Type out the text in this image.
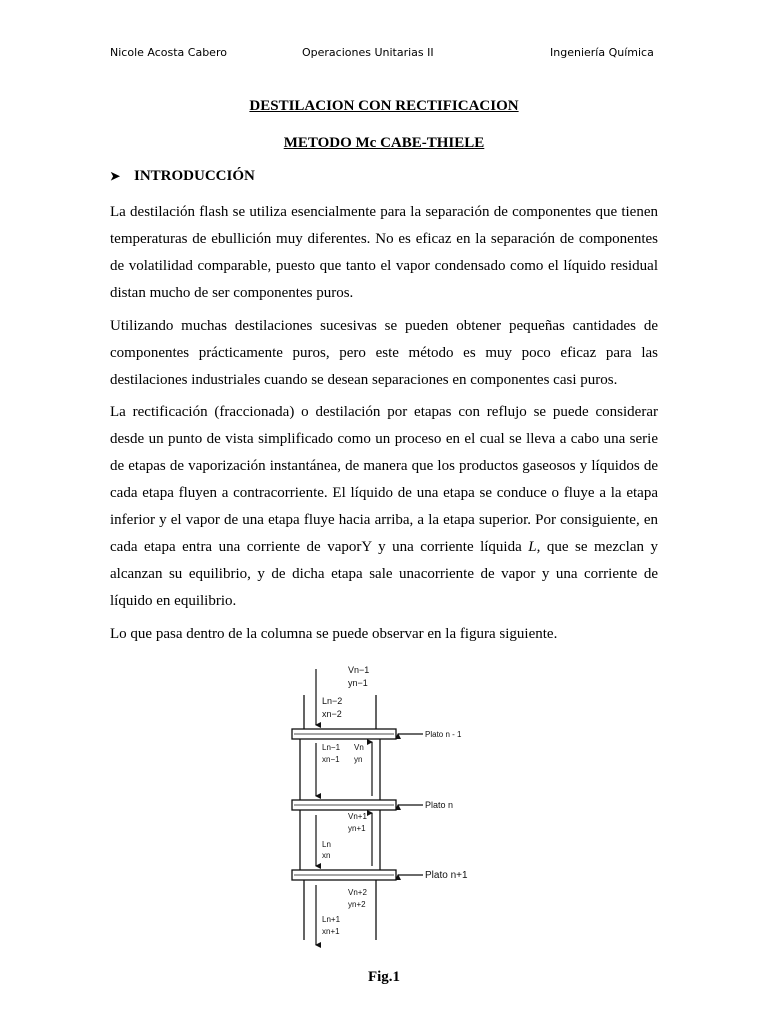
Nicole Acosta Cabero	Operaciones Unitarias II	Ingeniería Química
DESTILACION CON RECTIFICACION
METODO Mc CABE-THIELE
➤ INTRODUCCIÓN

La destilación flash se utiliza esencialmente para la separación de componentes que tienen temperaturas de ebullición muy diferentes. No es eficaz en la separación de componentes de volatilidad comparable, puesto que tanto el vapor condensado como el líquido residual distan mucho de ser componentes puros.

Utilizando muchas destilaciones sucesivas se pueden obtener pequeñas cantidades de componentes prácticamente puros, pero este método es muy poco eficaz para las destilaciones industriales cuando se desean separaciones en componentes casi puros.

La rectificación (fraccionada) o destilación por etapas con reflujo se puede considerar desde un punto de vista simplificado como un proceso en el cual se lleva a cabo una serie de etapas de vaporización instantánea, de manera que los productos gaseosos y líquidos de cada etapa fluyen a contracorriente. El líquido de una etapa se conduce o fluye a la etapa inferior y el vapor de una etapa fluye hacia arriba, a la etapa superior. Por consiguiente, en cada etapa entra una corriente de vaporY y una corriente líquida L, que se mezclan y alcanzan su equilibrio, y de dicha etapa sale unacorriente de vapor y una corriente de líquido en equilibrio.

Lo que pasa dentro de la columna se puede observar en la figura siguiente.

Vn−1
yn−1
Ln−2
xn−2
Ln−1
xn−1
Vn
yn
Vn+1
yn+1
Ln
xn
Vn+2
yn+2
Ln+1
xn+1
Plato n - 1
Plato n
Plato n+1
Fig.1
